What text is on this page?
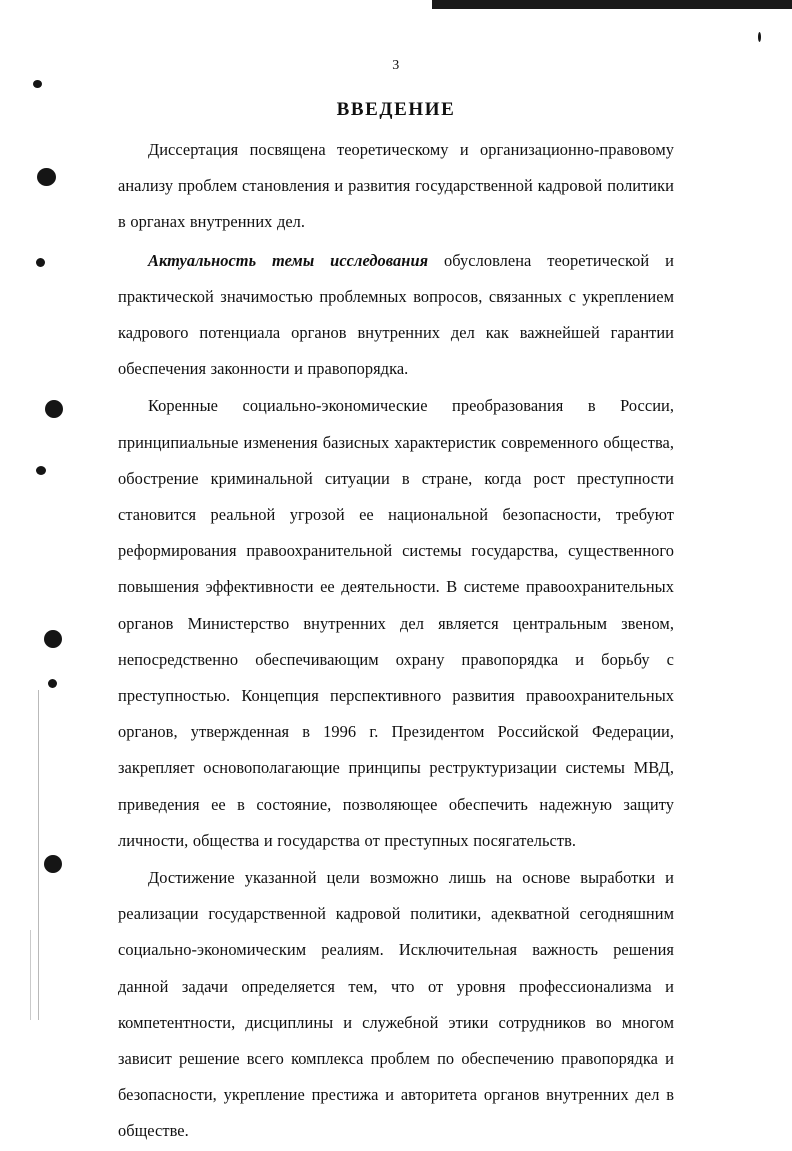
3
ВВЕДЕНИЕ

Диссертация посвящена теоретическому и организационно-правовому анализу проблем становления и развития государственной кадровой политики в органах внутренних дел.

Актуальность темы исследования обусловлена теоретической и практической значимостью проблемных вопросов, связанных с укреплением кадрового потенциала органов внутренних дел как важнейшей гарантии обеспечения законности и правопорядка.

Коренные социально-экономические преобразования в России, принципиальные изменения базисных характеристик современного общества, обострение криминальной ситуации в стране, когда рост преступности становится реальной угрозой ее национальной безопасности, требуют реформирования правоохранительной системы государства, существенного повышения эффективности ее деятельности. В системе правоохранительных органов Министерство внутренних дел является центральным звеном, непосредственно обеспечивающим охрану правопорядка и борьбу с преступностью. Концепция перспективного развития правоохранительных органов, утвержденная в 1996 г. Президентом Российской Федерации, закрепляет основополагающие принципы реструктуризации системы МВД, приведения ее в состояние, позволяющее обеспечить надежную защиту личности, общества и государства от преступных посягательств.

Достижение указанной цели возможно лишь на основе выработки и реализации государственной кадровой политики, адекватной сегодняшним социально-экономическим реалиям. Исключительная важность решения данной задачи определяется тем, что от уровня профессионализма и компетентности, дисциплины и служебной этики сотрудников во многом зависит решение всего комплекса проблем по обеспечению правопорядка и безопасности, укрепление престижа и авторитета органов внутренних дел в обществе.
